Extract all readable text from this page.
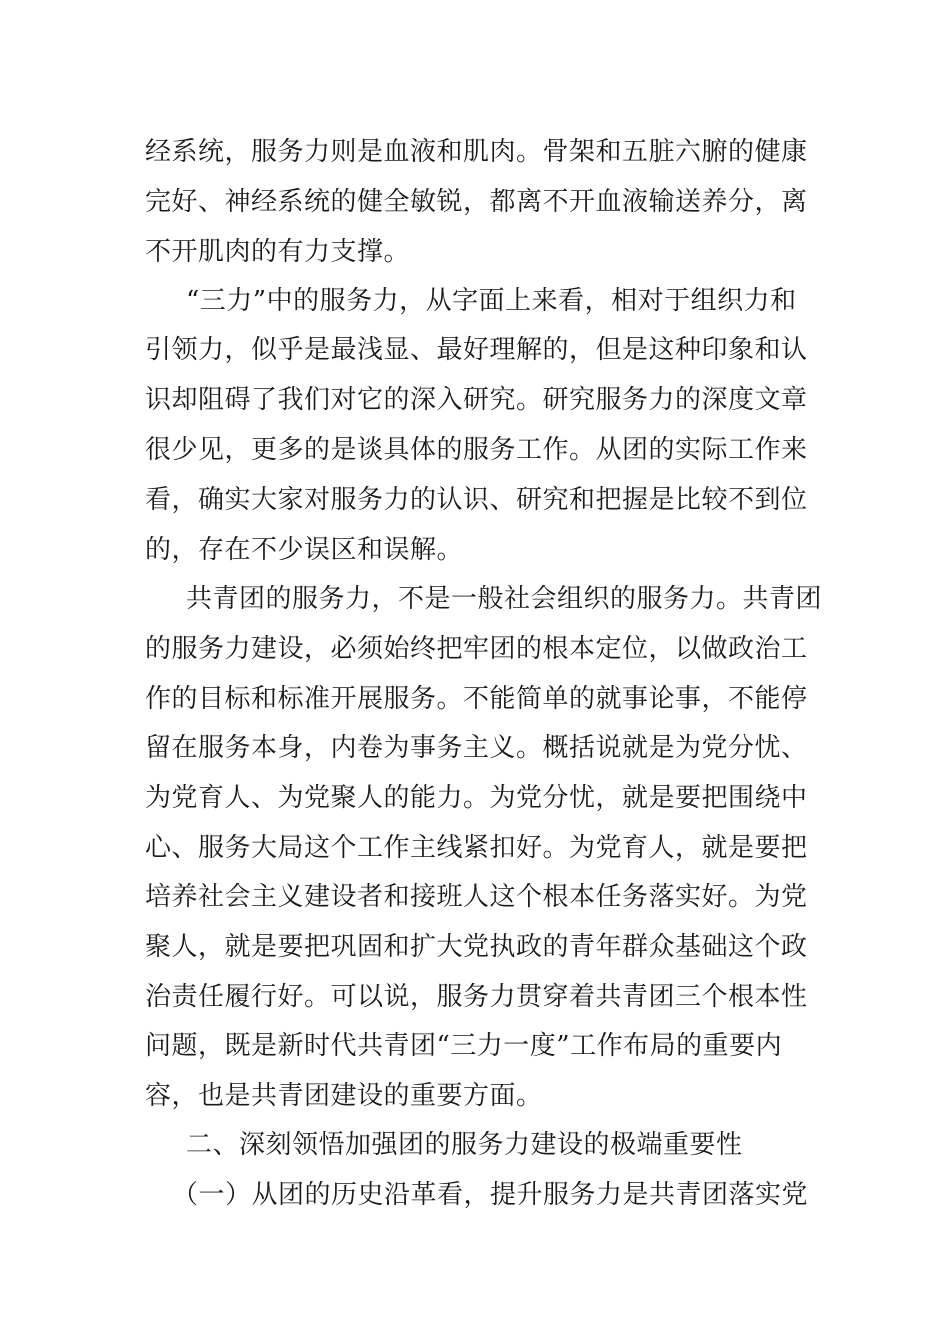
经系统，服务力则是血液和肌肉。骨架和五脏六腑的健康
完好、神经系统的健全敏锐，都离不开血液输送养分，离
不开肌肉的有力支撑。
“三力”中的服务力，从字面上来看，相对于组织力和
引领力，似乎是最浅显、最好理解的，但是这种印象和认
识却阻碍了我们对它的深入研究。研究服务力的深度文章
很少见，更多的是谈具体的服务工作。从团的实际工作来
看，确实大家对服务力的认识、研究和把握是比较不到位
的，存在不少误区和误解。
共青团的服务力，不是一般社会组织的服务力。共青团
的服务力建设，必须始终把牢团的根本定位，以做政治工
作的目标和标准开展服务。不能简单的就事论事，不能停
留在服务本身，内卷为事务主义。概括说就是为党分忧、
为党育人、为党聚人的能力。为党分忧，就是要把围绕中
心、服务大局这个工作主线紧扣好。为党育人，就是要把
培养社会主义建设者和接班人这个根本任务落实好。为党
聚人，就是要把巩固和扩大党执政的青年群众基础这个政
治责任履行好。可以说，服务力贯穿着共青团三个根本性
问题，既是新时代共青团“三力一度”工作布局的重要内
容，也是共青团建设的重要方面。
二、深刻领悟加强团的服务力建设的极端重要性
（一）从团的历史沿革看，提升服务力是共青团落实党
